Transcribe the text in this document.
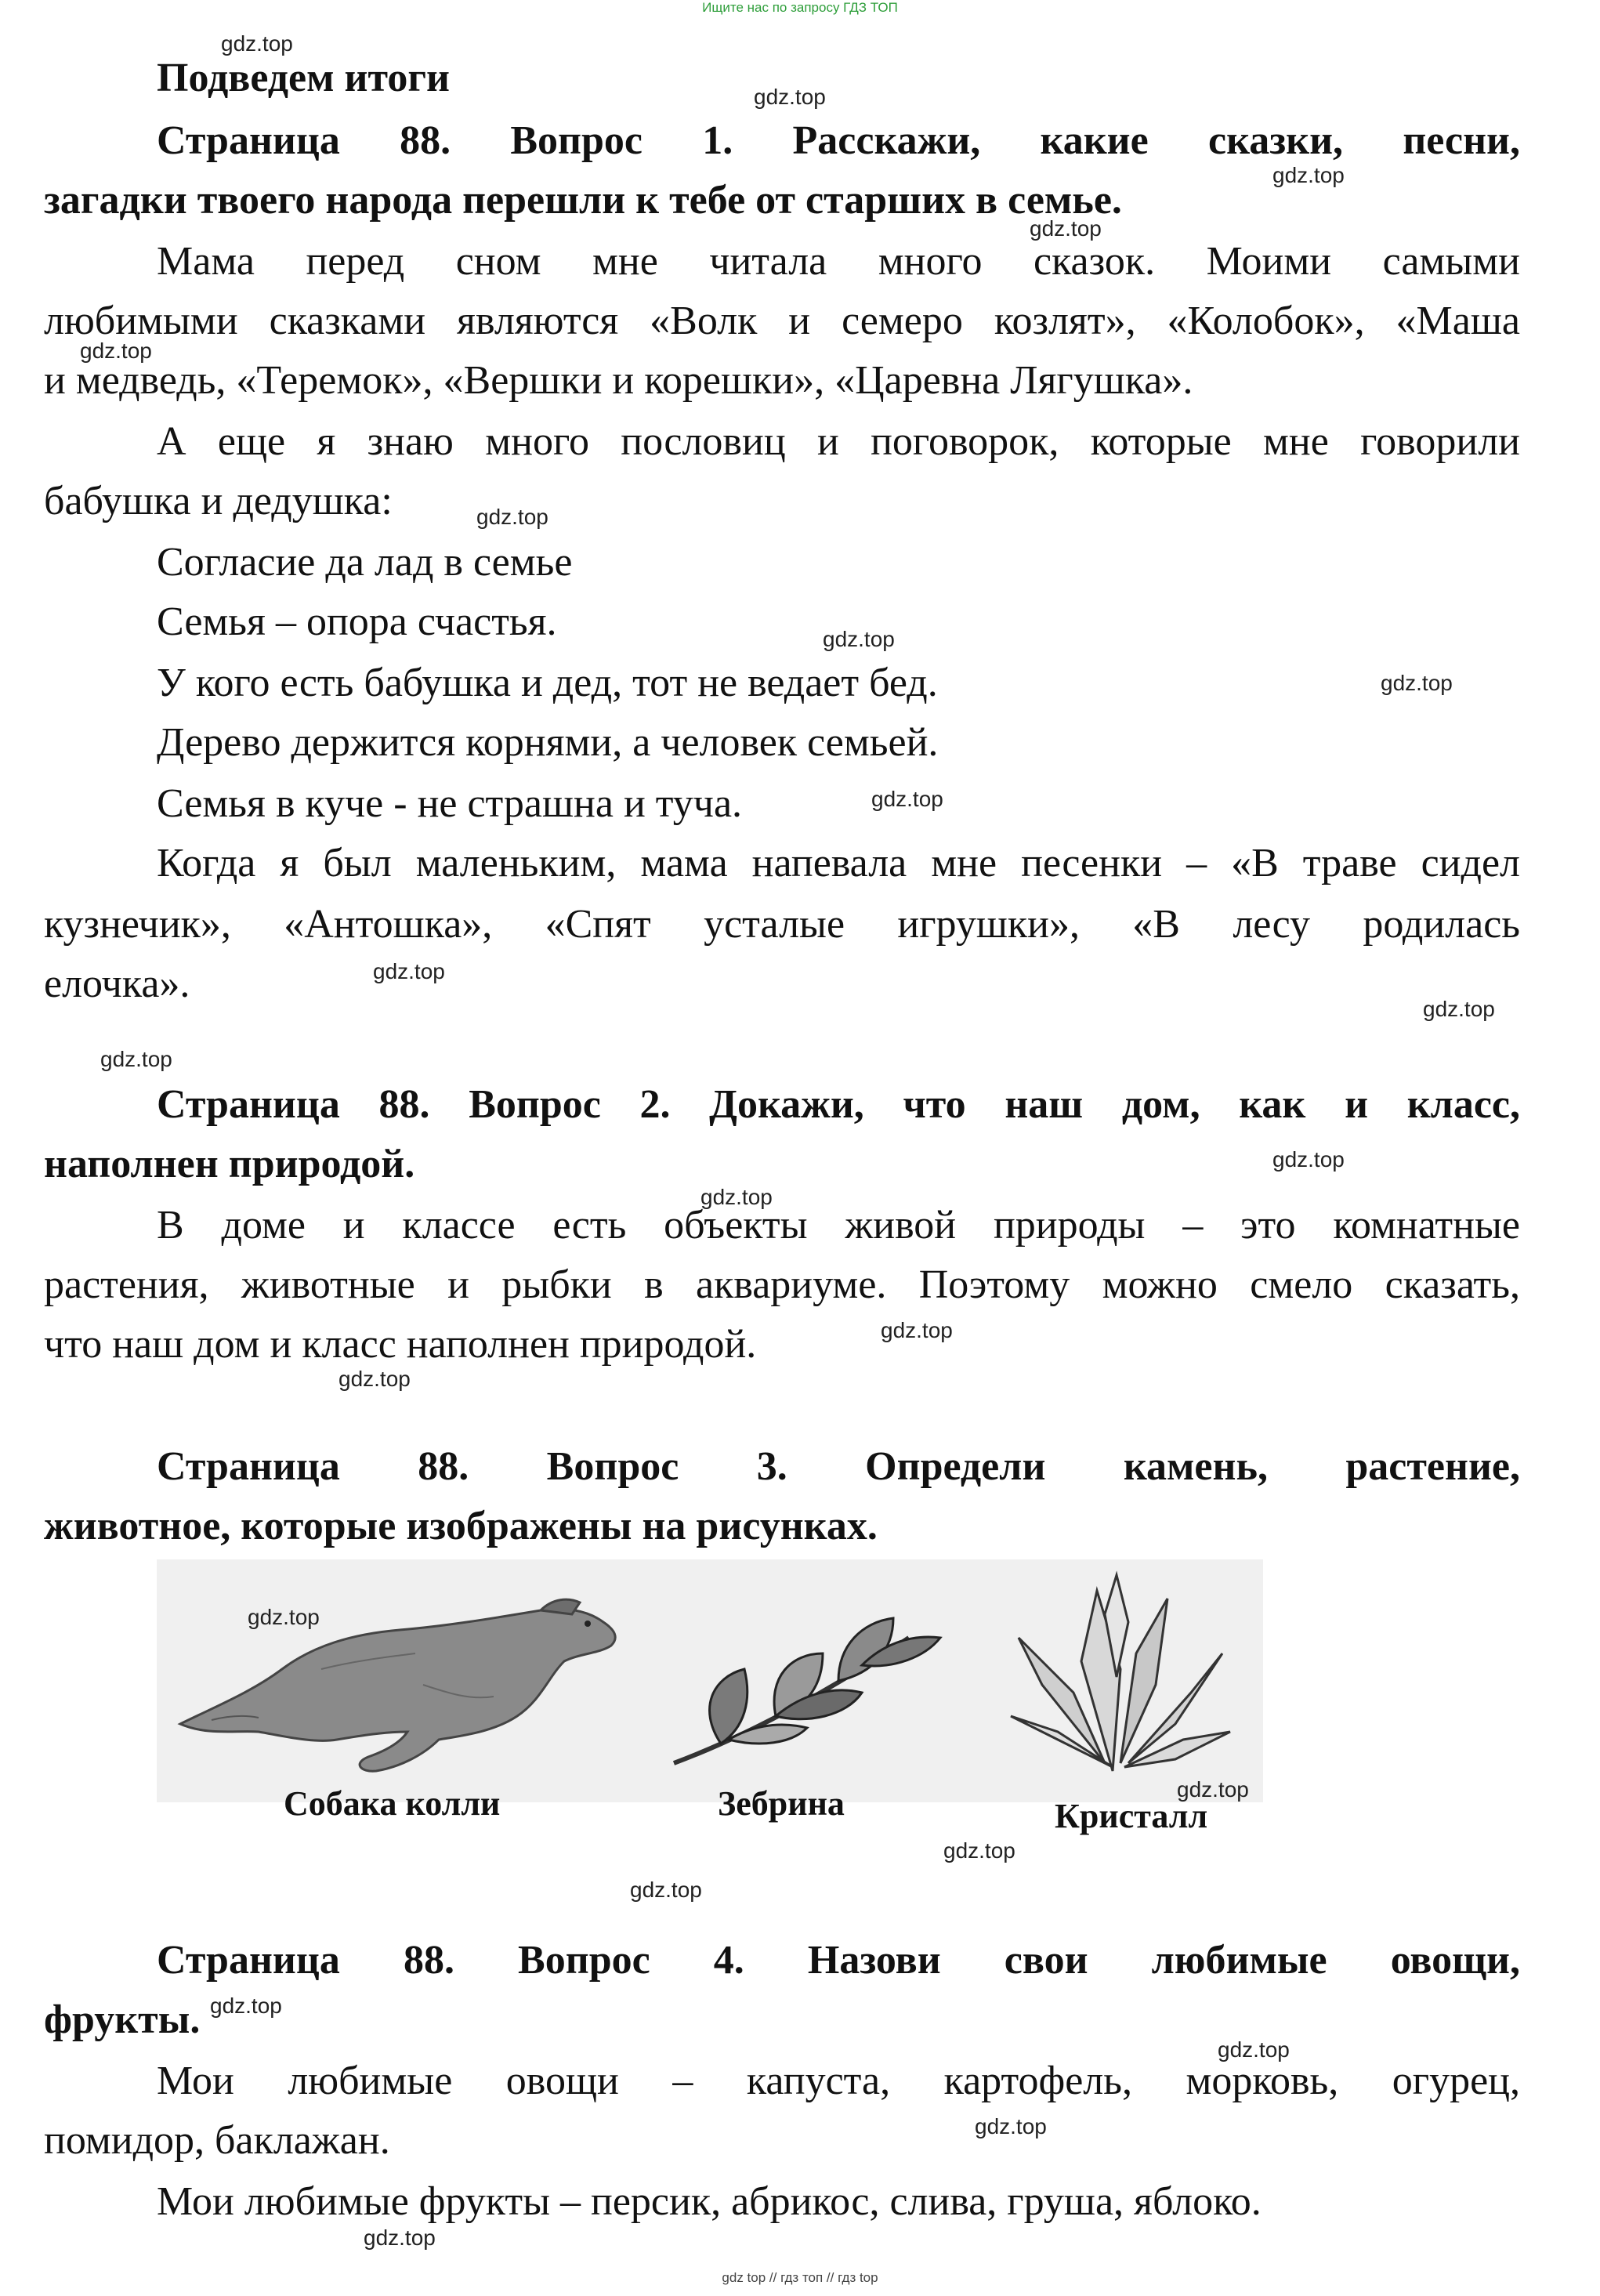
Ищите нас по запросу ГДЗ ТОП
Подведем итоги
Страница 88. Вопрос 1. Расскажи, какие сказки, песни,
загадки твоего народа перешли к тебе от старших в семье.
Мама перед сном мне читала много сказок. Моими самыми
любимыми сказками являются «Волк и семеро козлят», «Колобок», «Маша
и медведь, «Теремок», «Вершки и корешки», «Царевна Лягушка».
А еще я знаю много пословиц и поговорок, которые мне говорили
бабушка и дедушка:
Согласие да лад в семье
Семья – опора счастья.
У кого есть бабушка и дед, тот не ведает бед.
Дерево держится корнями, а человек семьей.
Семья в куче - не страшна и туча.
Когда я был маленьким, мама напевала мне песенки – «В траве сидел
кузнечик», «Антошка», «Спят усталые игрушки», «В лесу родилась
елочка».
Страница 88. Вопрос 2. Докажи, что наш дом, как и класс,
наполнен природой.
В доме и классе есть объекты живой природы – это комнатные
растения, животные и рыбки в аквариуме. Поэтому можно смело сказать,
что наш дом и класс наполнен природой.
Страница 88. Вопрос 3. Определи камень, растение,
животное, которые изображены на рисунках.
Собака колли	Зебрина	Кристалл
Страница 88. Вопрос 4. Назови свои любимые овощи,
фрукты.
Мои любимые овощи – капуста, картофель, морковь, огурец,
помидор, баклажан.
Мои любимые фрукты – персик, абрикос, слива, груша, яблоко.
gdz.top
gdz.top
gdz.top
gdz.top
gdz.top
gdz.top
gdz.top
gdz.top
gdz.top
gdz.top
gdz.top
gdz.top
gdz.top
gdz.top
gdz.top
gdz.top
gdz.top
gdz.top
gdz.top
gdz.top
gdz.top
gdz.top
gdz.top
gdz.top
gdz top // гдз топ // гдз top
